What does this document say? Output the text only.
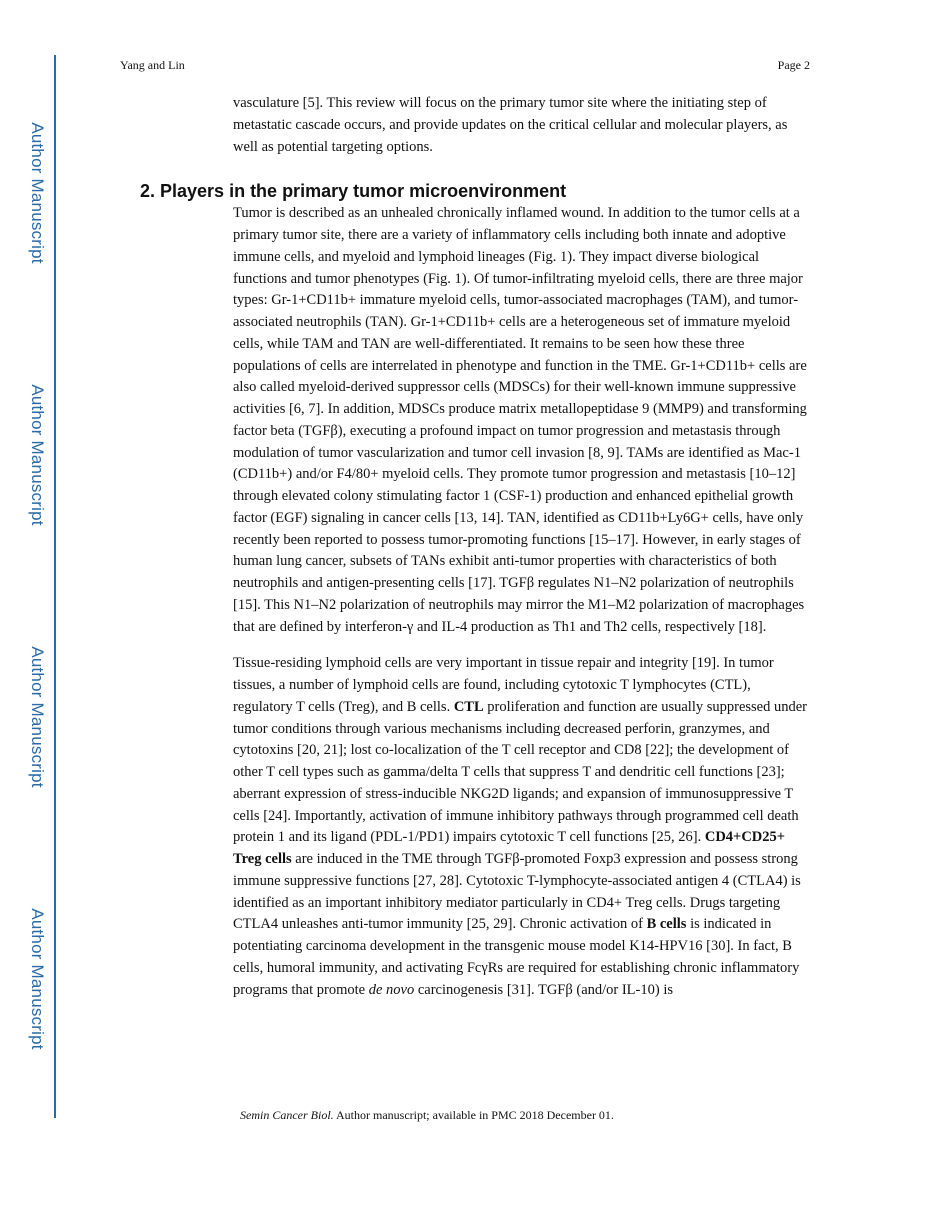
Author Manuscript
Author Manuscript
Author Manuscript
Author Manuscript
Yang and Lin	Page 2
2. Players in the primary tumor microenvironment

vasculature [5]. This review will focus on the primary tumor site where the initiating step of metastatic cascade occurs, and provide updates on the critical cellular and molecular players, as well as potential targeting options.

Tumor is described as an unhealed chronically inflamed wound. In addition to the tumor cells at a primary tumor site, there are a variety of inflammatory cells including both innate and adoptive immune cells, and myeloid and lymphoid lineages (Fig. 1). They impact diverse biological functions and tumor phenotypes (Fig. 1). Of tumor-infiltrating myeloid cells, there are three major types: Gr-1+CD11b+ immature myeloid cells, tumor-associated macrophages (TAM), and tumor-associated neutrophils (TAN). Gr-1+CD11b+ cells are a heterogeneous set of immature myeloid cells, while TAM and TAN are well-differentiated. It remains to be seen how these three populations of cells are interrelated in phenotype and function in the TME. Gr-1+CD11b+ cells are also called myeloid-derived suppressor cells (MDSCs) for their well-known immune suppressive activities [6, 7]. In addition, MDSCs produce matrix metallopeptidase 9 (MMP9) and transforming factor beta (TGFβ), executing a profound impact on tumor progression and metastasis through modulation of tumor vascularization and tumor cell invasion [8, 9]. TAMs are identified as Mac-1 (CD11b+) and/or F4/80+ myeloid cells. They promote tumor progression and metastasis [10–12] through elevated colony stimulating factor 1 (CSF-1) production and enhanced epithelial growth factor (EGF) signaling in cancer cells [13, 14]. TAN, identified as CD11b+Ly6G+ cells, have only recently been reported to possess tumor-promoting functions [15–17]. However, in early stages of human lung cancer, subsets of TANs exhibit anti-tumor properties with characteristics of both neutrophils and antigen-presenting cells [17]. TGFβ regulates N1–N2 polarization of neutrophils [15]. This N1–N2 polarization of neutrophils may mirror the M1–M2 polarization of macrophages that are defined by interferon-γ and IL-4 production as Th1 and Th2 cells, respectively [18].

Tissue-residing lymphoid cells are very important in tissue repair and integrity [19]. In tumor tissues, a number of lymphoid cells are found, including cytotoxic T lymphocytes (CTL), regulatory T cells (Treg), and B cells. CTL proliferation and function are usually suppressed under tumor conditions through various mechanisms including decreased perforin, granzymes, and cytotoxins [20, 21]; lost co-localization of the T cell receptor and CD8 [22]; the development of other T cell types such as gamma/delta T cells that suppress T and dendritic cell functions [23]; aberrant expression of stress-inducible NKG2D ligands; and expansion of immunosuppressive T cells [24]. Importantly, activation of immune inhibitory pathways through programmed cell death protein 1 and its ligand (PDL-1/PD1) impairs cytotoxic T cell functions [25, 26]. CD4+CD25+ Treg cells are induced in the TME through TGFβ-promoted Foxp3 expression and possess strong immune suppressive functions [27, 28]. Cytotoxic T-lymphocyte-associated antigen 4 (CTLA4) is identified as an important inhibitory mediator particularly in CD4+ Treg cells. Drugs targeting CTLA4 unleashes anti-tumor immunity [25, 29]. Chronic activation of B cells is indicated in potentiating carcinoma development in the transgenic mouse model K14-HPV16 [30]. In fact, B cells, humoral immunity, and activating FcγRs are required for establishing chronic inflammatory programs that promote de novo carcinogenesis [31]. TGFβ (and/or IL-10) is

Semin Cancer Biol. Author manuscript; available in PMC 2018 December 01.
